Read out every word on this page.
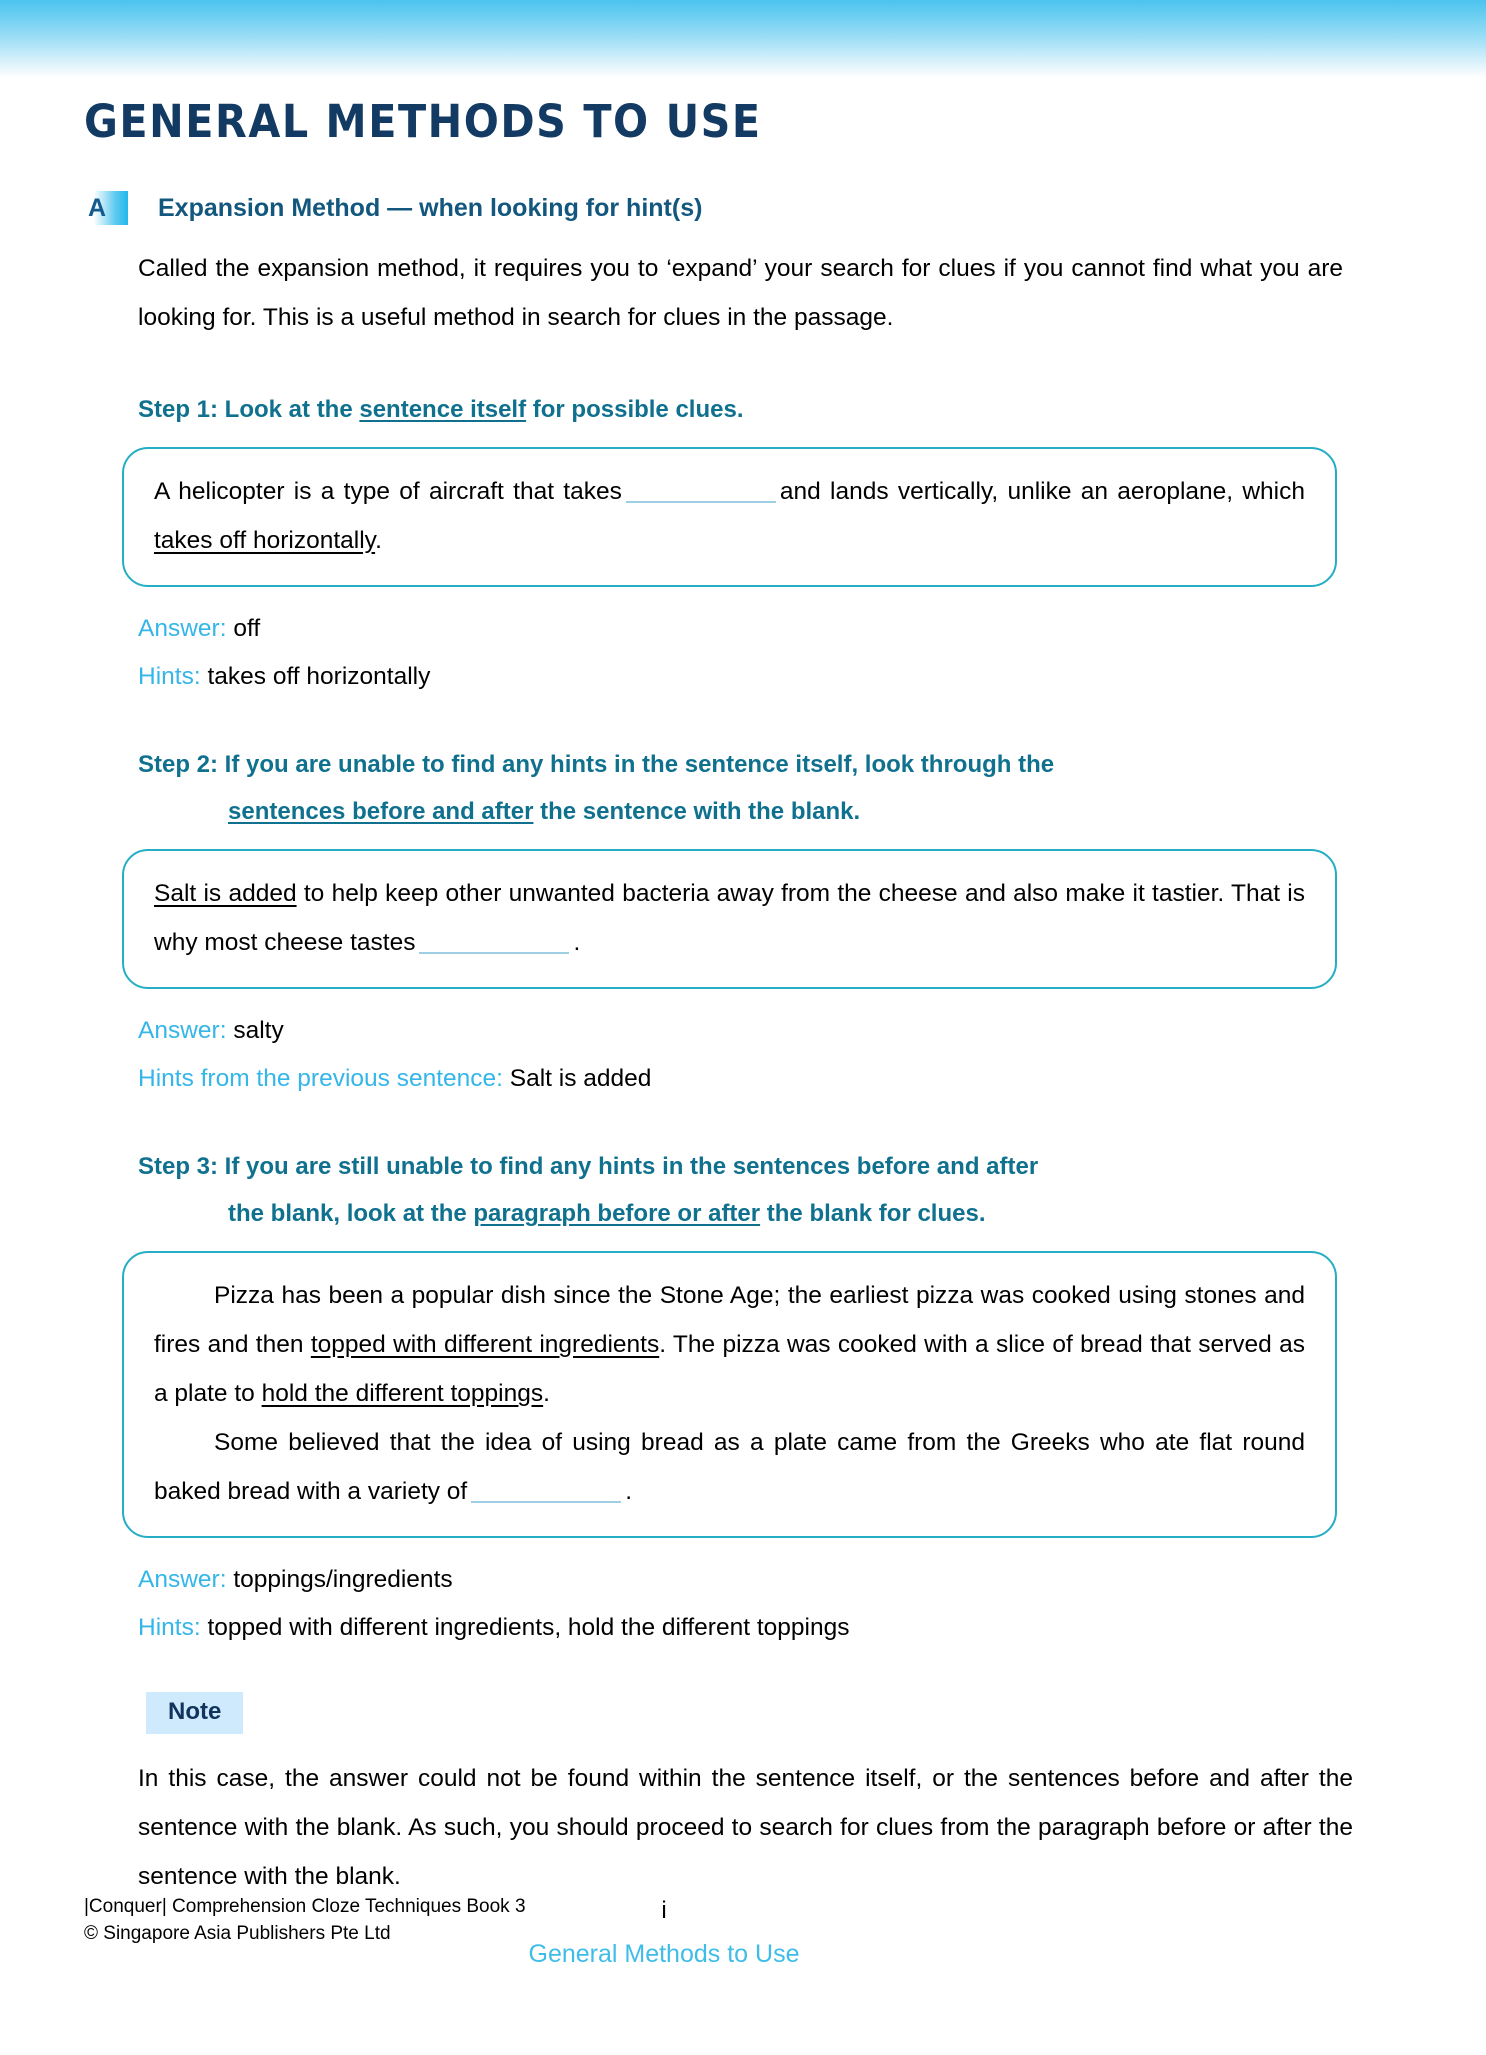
GENERAL METHODS TO USE
A	Expansion Method — when looking for hint(s)

Called the expansion method, it requires you to ‘expand’ your search for clues if you cannot find what you are looking for. This is a useful method in search for clues in the passage.

Step 1: Look at the sentence itself for possible clues.

A helicopter is a type of aircraft that takes	and lands vertically, unlike an aeroplane, which takes off horizontally.

Answer: off
Hints: takes off horizontally
Step 2: If you are unable to find any hints in the sentence itself, look through the
sentences before and after the sentence with the blank.

Salt is added to help keep other unwanted bacteria away from the cheese and also make it tastier. That is why most cheese tastes	.

Answer: salty
Hints from the previous sentence: Salt is added
Step 3: If you are still unable to find any hints in the sentences before and after
the blank, look at the paragraph before or after the blank for clues.

Pizza has been a popular dish since the Stone Age; the earliest pizza was cooked using stones and fires and then topped with different ingredients. The pizza was cooked with a slice of bread that served as a plate to hold the different toppings.

Some believed that the idea of using bread as a plate came from the Greeks who ate flat round baked bread with a variety of	.

Answer: toppings/ingredients
Hints: topped with different ingredients, hold the different toppings
Note

In this case, the answer could not be found within the sentence itself, or the sentences before and after the sentence with the blank. As such, you should proceed to search for clues from the paragraph before or after the sentence with the blank.

|Conquer| Comprehension Cloze Techniques Book 3
© Singapore Asia Publishers Pte Ltd
i
General Methods to Use
